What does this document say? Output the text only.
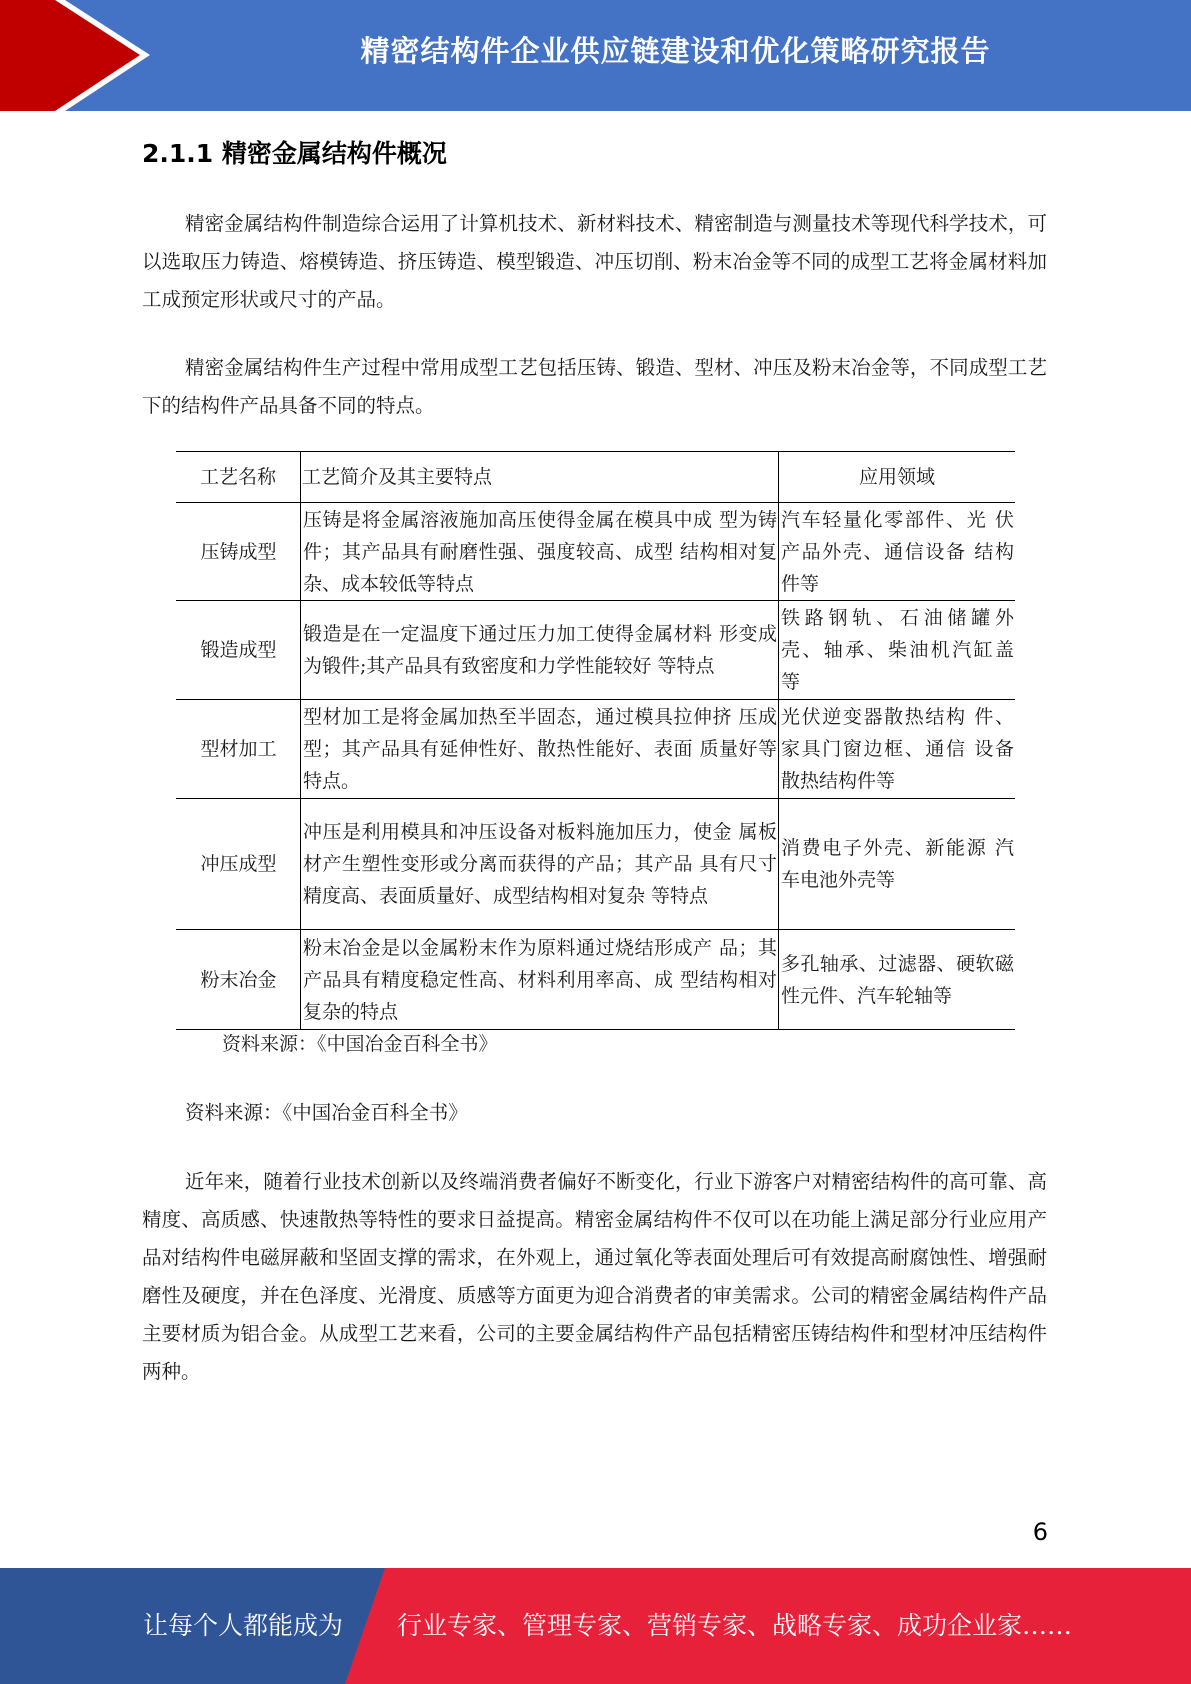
精密结构件企业供应链建设和优化策略研究报告
2.1.1 精密金属结构件概况

精密金属结构件制造综合运用了计算机技术、新材料技术、精密制造与测量技术等现代科学技术，可以选取压力铸造、熔模铸造、挤压铸造、模型锻造、冲压切削、粉末冶金等不同的成型工艺将金属材料加工成预定形状或尺寸的产品。

精密金属结构件生产过程中常用成型工艺包括压铸、锻造、型材、冲压及粉末冶金等，不同成型工艺下的结构件产品具备不同的特点。

工艺名称	工艺简介及其主要特点	应用领域
压铸成型	压铸是将金属溶液施加高压使得金属在模具中成 型为铸件；其产品具有耐磨性强、强度较高、成型 结构相对复杂、成本较低等特点	汽车轻量化零部件、光 伏产品外壳、通信设备 结构件等
锻造成型	锻造是在一定温度下通过压力加工使得金属材料 形变成为锻件;其产品具有致密度和力学性能较好 等特点	铁路钢轨、石油储罐外 壳、轴承、柴油机汽缸盖 等
型材加工	型材加工是将金属加热至半固态，通过模具拉伸挤 压成型；其产品具有延伸性好、散热性能好、表面 质量好等特点。	光伏逆变器散热结构 件、家具门窗边框、通信 设备散热结构件等
冲压成型	冲压是利用模具和冲压设备对板料施加压力，使金 属板材产生塑性变形或分离而获得的产品；其产品 具有尺寸精度高、表面质量好、成型结构相对复杂 等特点	消费电子外壳、新能源 汽车电池外壳等
粉末冶金	粉末冶金是以金属粉末作为原料通过烧结形成产 品；其产品具有精度稳定性高、材料利用率高、成 型结构相对复杂的特点	多孔轴承、过滤器、硬软磁性元件、汽车轮轴等
资料来源：《中国冶金百科全书》
资料来源：《中国冶金百科全书》

近年来，随着行业技术创新以及终端消费者偏好不断变化，行业下游客户对精密结构件的高可靠、高精度、高质感、快速散热等特性的要求日益提高。精密金属结构件不仅可以在功能上满足部分行业应用产品对结构件电磁屏蔽和坚固支撑的需求，在外观上，通过氧化等表面处理后可有效提高耐腐蚀性、增强耐磨性及硬度，并在色泽度、光滑度、质感等方面更为迎合消费者的审美需求。公司的精密金属结构件产品主要材质为铝合金。从成型工艺来看，公司的主要金属结构件产品包括精密压铸结构件和型材冲压结构件两种。

6
让每个人都能成为 行业专家、管理专家、营销专家、战略专家、成功企业家……
